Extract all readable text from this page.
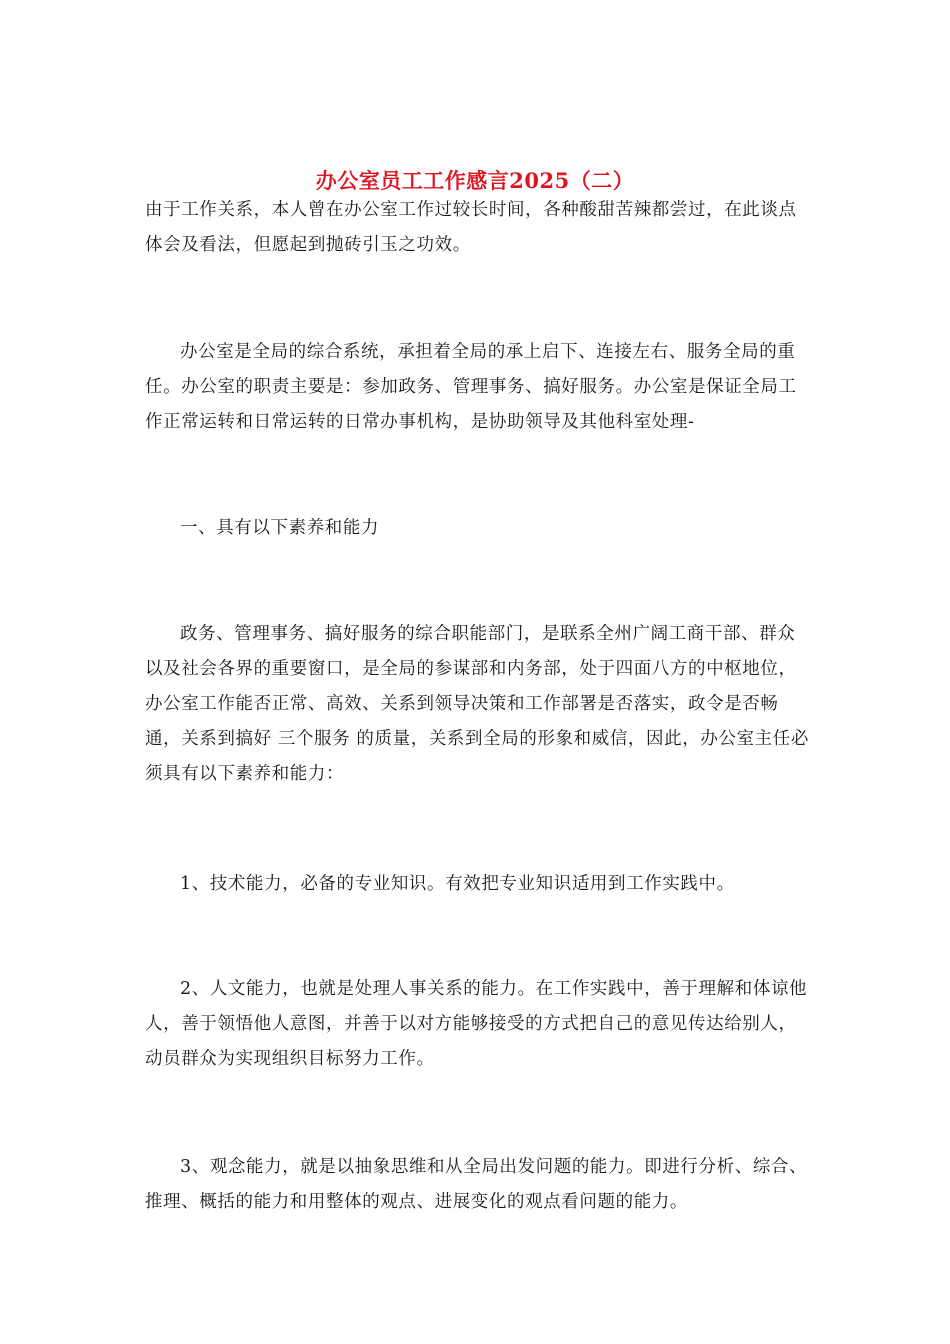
办公室员工工作感言2025（二）

由于工作关系，本人曾在办公室工作过较长时间，各种酸甜苦辣都尝过，在此谈点体会及看法，但愿起到抛砖引玉之功效。

办公室是全局的综合系统，承担着全局的承上启下、连接左右、服务全局的重任。办公室的职责主要是：参加政务、管理事务、搞好服务。办公室是保证全局工作正常运转和日常运转的日常办事机构，是协助领导及其他科室处理-

一、具有以下素养和能力

政务、管理事务、搞好服务的综合职能部门，是联系全州广阔工商干部、群众以及社会各界的重要窗口，是全局的参谋部和内务部，处于四面八方的中枢地位，办公室工作能否正常、高效、关系到领导决策和工作部署是否落实，政令是否畅通，关系到搞好 三个服务 的质量，关系到全局的形象和威信，因此，办公室主任必须具有以下素养和能力：

1、技术能力，必备的专业知识。有效把专业知识适用到工作实践中。

2、人文能力，也就是处理人事关系的能力。在工作实践中，善于理解和体谅他人，善于领悟他人意图，并善于以对方能够接受的方式把自己的意见传达给别人，动员群众为实现组织目标努力工作。

3、观念能力，就是以抽象思维和从全局出发问题的能力。即进行分析、综合、推理、概括的能力和用整体的观点、进展变化的观点看问题的能力。
